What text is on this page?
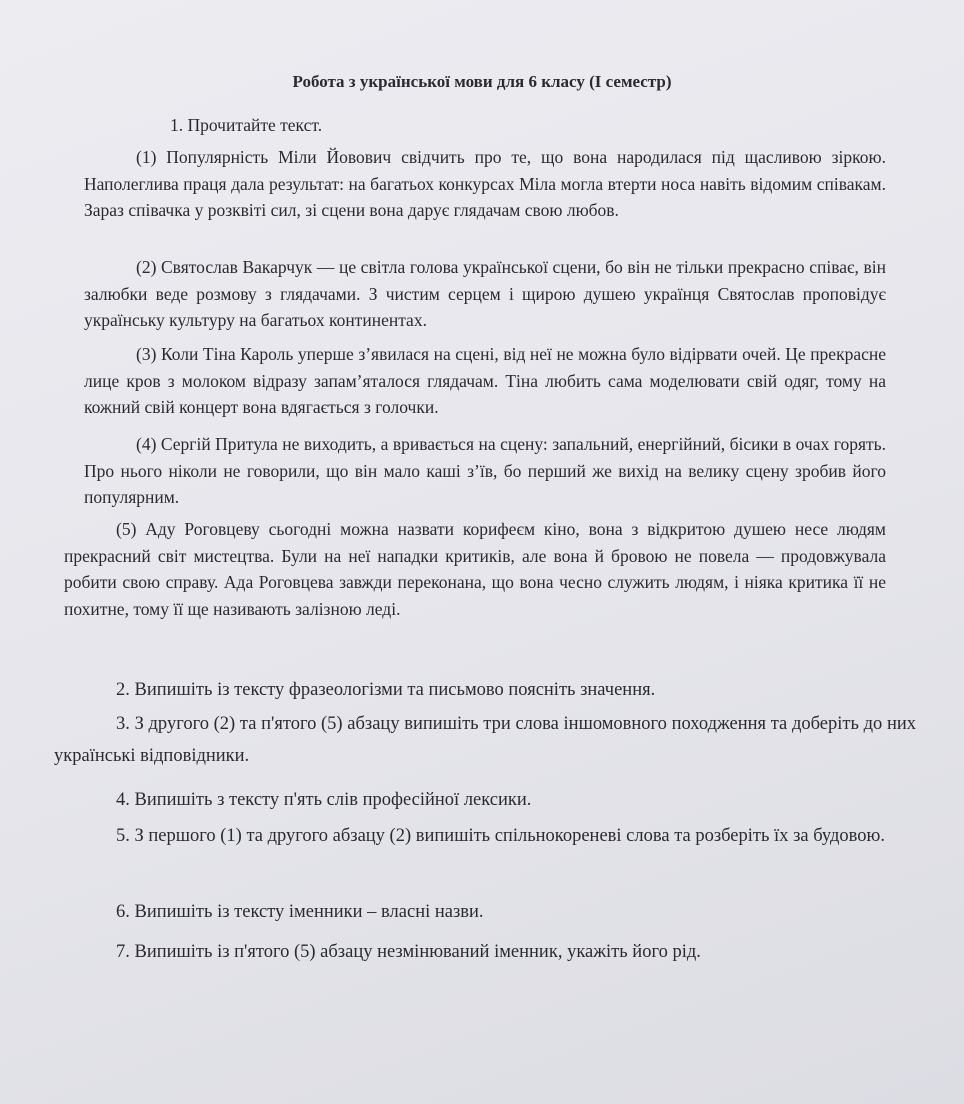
Робота з української мови для 6 класу (І семестр)
1. Прочитайте текст.
(1) Популярність Міли Йовович свідчить про те, що вона народилася під щасливою зіркою. Наполеглива праця дала результат: на багатьох конкурсах Міла могла втерти носа навіть відомим співакам. Зараз співачка у розквіті сил, зі сцени вона дарує глядачам свою любов.
(2) Святослав Вакарчук — це світла голова української сцени, бо він не тільки прекрасно співає, він залюбки веде розмову з глядачами. З чистим серцем і щирою душею українця Святослав проповідує українську культуру на багатьох континентах.
(3) Коли Тіна Кароль уперше з’явилася на сцені, від неї не можна було відірвати очей. Це прекрасне лице кров з молоком відразу запам’яталося глядачам. Тіна любить сама моделювати свій одяг, тому на кожний свій концерт вона вдягається з голочки.
(4) Сергій Притула не виходить, а вривається на сцену: запальний, енергійний, бісики в очах горять. Про нього ніколи не говорили, що він мало каші з’їв, бо перший же вихід на велику сцену зробив його популярним.
(5) Аду Роговцеву сьогодні можна назвати корифеєм кіно, вона з відкритою душею несе людям прекрасний світ мистецтва. Були на неї нападки критиків, але вона й бровою не повела — продовжувала робити свою справу. Ада Роговцева завжди переконана, що вона чесно служить людям, і ніяка критика її не похитне, тому її ще називають залізною леді.
2. Випишіть із тексту фразеологізми та письмово поясніть значення.
3. З другого (2) та п'ятого (5) абзацу випишіть три слова іншомовного походження та доберіть до них українські відповідники.
4. Випишіть з тексту п'ять слів професійної лексики.
5. З першого (1) та другого абзацу (2) випишіть спільнокореневі слова та розберіть їх за будовою.
6. Випишіть із тексту іменники – власні назви.
7. Випишіть із п'ятого (5) абзацу незмінюваний іменник, укажіть його рід.
